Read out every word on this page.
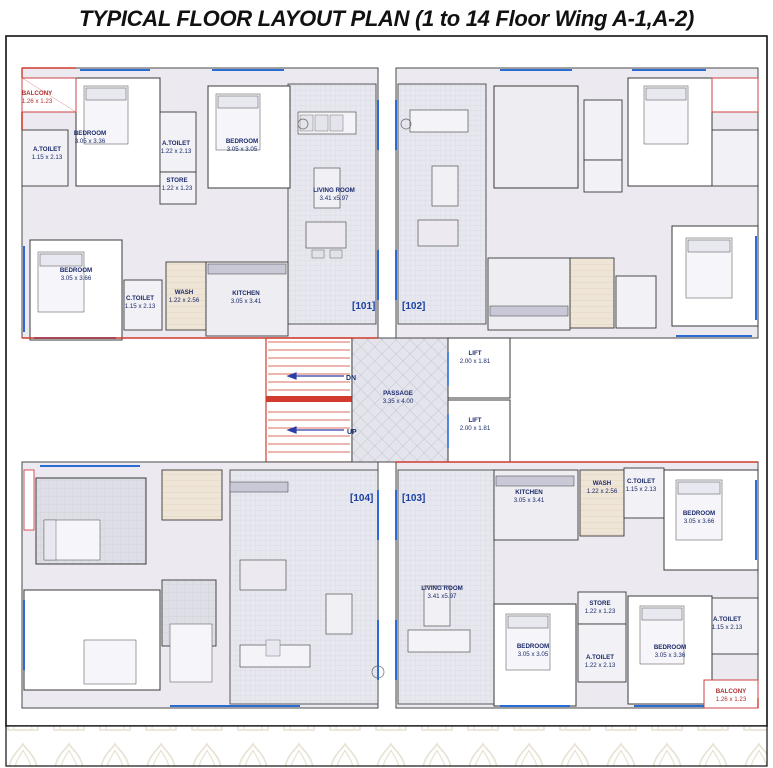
TYPICAL FLOOR LAYOUT PLAN (1 to 14 Floor Wing A-1,A-2)
BALCONY
1.26 x 1.23
BEDROOM
3.05 x 3.36	A.TOILET
1.22 x 2.13
BEDROOM
3.05 x 3.05
A.TOILET
1.15 x 2.13
STORE
1.22 x 1.23	LIVING ROOM
3.41 x5.97
BEDROOM
3.05 x 3.66
C.TOILET
1.15 x 2.13
WASH
1.22 x 2.56
KITCHEN
3.05 x 3.41
LIFT
2.00 x 1.81
LIFT
2.00 x 1.81
PASSAGE
3.35 x 4.00
KITCHEN
3.05 x 3.41
WASH
1.22 x 2.56
C.TOILET
1.15 x 2.13
BEDROOM
3.05 x 3.66
LIVING ROOM
3.41 x5.97
STORE
1.22 x 1.23
BEDROOM
3.05 x 3.05
BEDROOM
3.05 x 3.36
A.TOILET
1.22 x 2.13
A.TOILET
1.15 x 2.13
BALCONY
1.26 x 1.23
[101]	[102]
[104]	[103]
UP
DN
